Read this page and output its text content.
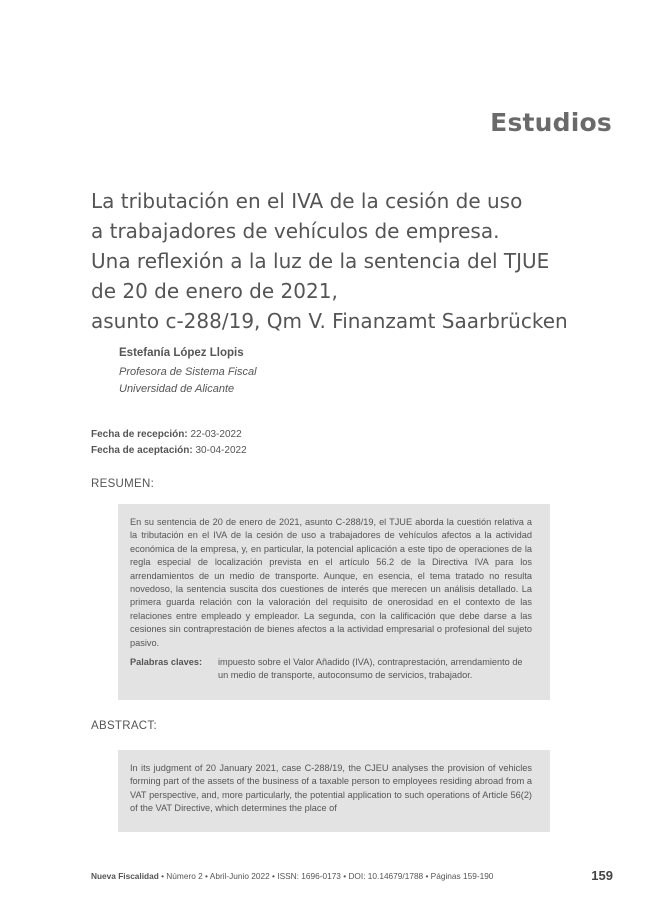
Estudios
La tributación en el IVA de la cesión de uso
a trabajadores de vehículos de empresa.
Una reflexión a la luz de la sentencia del TJUE
de 20 de enero de 2021,
asunto c-288/19, Qm V. Finanzamt Saarbrücken
Estefanía López Llopis
Profesora de Sistema Fiscal
Universidad de Alicante
Fecha de recepción: 22-03-2022
Fecha de aceptación: 30-04-2022
RESUMEN:
En su sentencia de 20 de enero de 2021, asunto C-288/19, el TJUE aborda la cuestión relativa a la tributación en el IVA de la cesión de uso a trabajadores de vehículos afectos a la actividad económica de la empresa, y, en particular, la potencial aplicación a este tipo de operaciones de la regla especial de localización prevista en el artículo 56.2 de la Directiva IVA para los arrendamientos de un medio de transporte. Aunque, en esencia, el tema tratado no resulta novedoso, la sentencia suscita dos cuestiones de interés que merecen un análisis detallado. La primera guarda relación con la valoración del requisito de onerosidad en el contexto de las relaciones entre empleado y empleador. La segunda, con la calificación que debe darse a las cesiones sin contraprestación de bienes afectos a la actividad empresarial o profesional del sujeto pasivo.
Palabras claves:	impuesto sobre el Valor Añadido (IVA), contraprestación, arrendamiento de un medio de transporte, autoconsumo de servicios, trabajador.
ABSTRACT:
In its judgment of 20 January 2021, case C-288/19, the CJEU analyses the provision of vehicles forming part of the assets of the business of a taxable person to employees residing abroad from a VAT perspective, and, more particularly, the potential application to such operations of Article 56(2) of the VAT Directive, which determines the place of
Nueva Fiscalidad • Número 2 • Abril-Junio 2022 • ISSN: 1696-0173 • DOI: 10.14679/1788 • Páginas 159-190	159
